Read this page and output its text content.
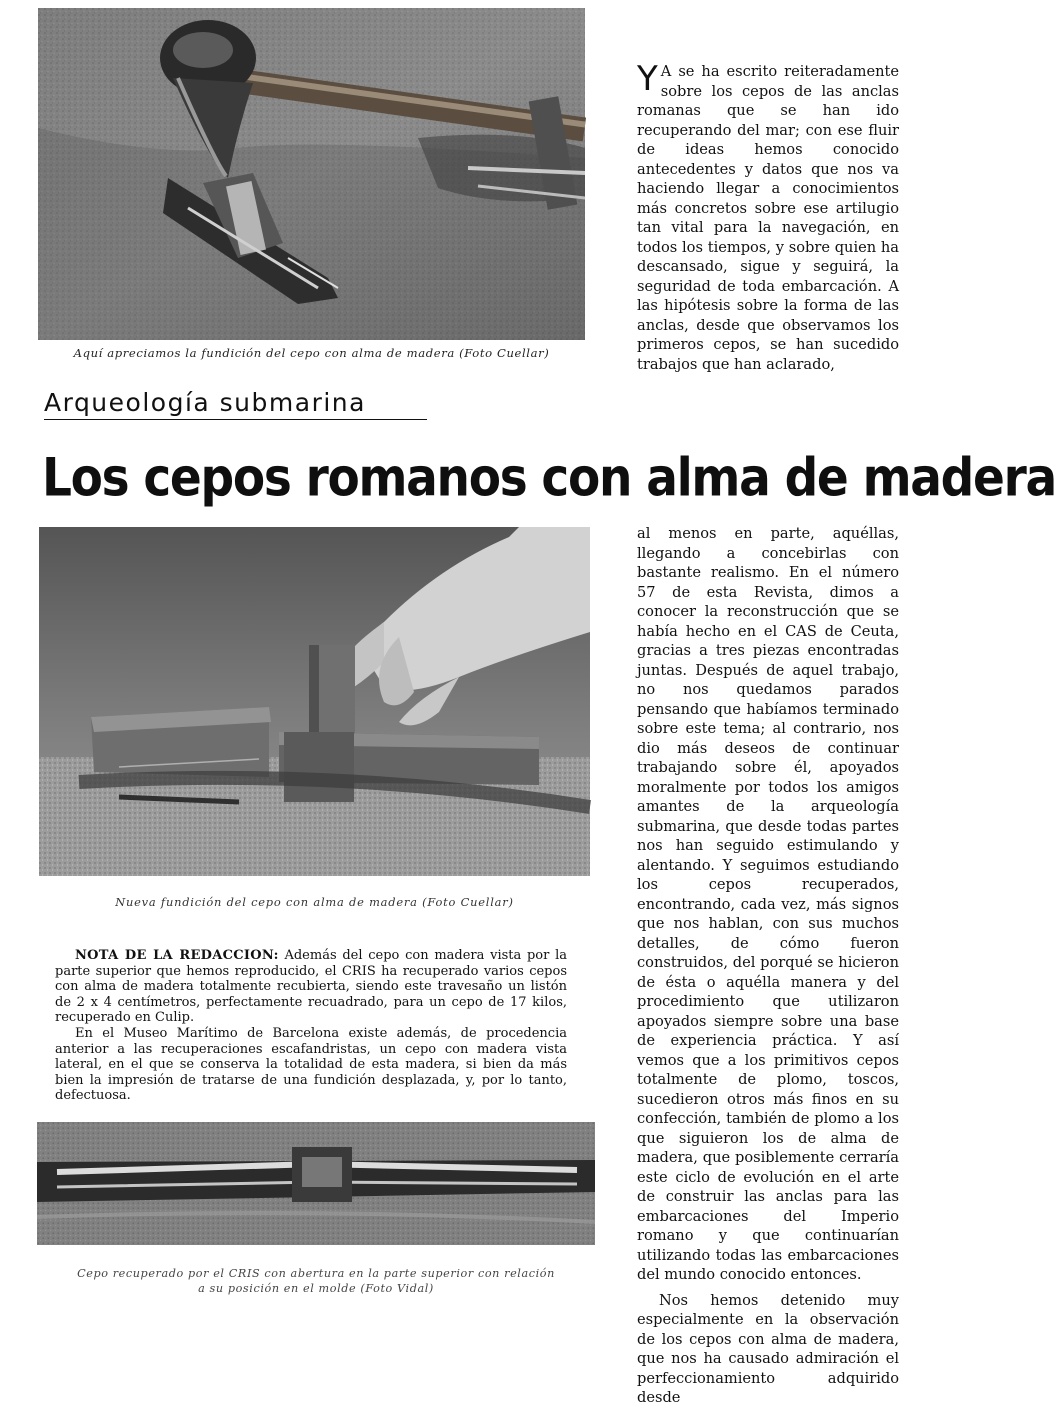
Aquí apreciamos la fundición del cepo con alma de madera (Foto Cuellar)

Y A se ha escrito reiteradamente sobre los cepos de las anclas romanas que se han ido recuperando del mar; con ese fluir de ideas hemos conocido antecedentes y datos que nos va haciendo llegar a conocimientos más concretos sobre ese artilugio tan vital para la navegación, en todos los tiempos, y sobre quien ha descansado, sigue y seguirá, la seguridad de toda embarcación. A las hipótesis sobre la forma de las anclas, desde que observamos los primeros cepos, se han sucedido trabajos que han aclarado,

Arqueología submarina
Los cepos romanos con alma de madera
Nueva fundición del cepo con alma de madera (Foto Cuellar)

NOTA DE LA REDACCION: Además del cepo con madera vista por la parte superior que hemos reproducido, el CRIS ha recuperado varios cepos con alma de madera totalmente recubierta, siendo este travesaño un listón de 2 x 4 centímetros, perfectamente recuadrado, para un cepo de 17 kilos, recuperado en Culip.

En el Museo Marítimo de Barcelona existe además, de procedencia anterior a las recuperaciones escafandristas, un cepo con madera vista lateral, en el que se conserva la totalidad de esta madera, si bien da más bien la impresión de tratarse de una fundición desplazada, y, por lo tanto, defectuosa.

Cepo recuperado por el CRIS con abertura en la parte superior con relación
a su posición en el molde (Foto Vidal)

al menos en parte, aquéllas, llegando a concebirlas con bastante realismo. En el número 57 de esta Revista, dimos a conocer la reconstrucción que se había hecho en el CAS de Ceuta, gracias a tres piezas encontradas juntas. Después de aquel trabajo, no nos quedamos parados pensando que habíamos terminado sobre este tema; al contrario, nos dio más deseos de continuar trabajando sobre él, apoyados moralmente por todos los amigos amantes de la arqueología submarina, que desde todas partes nos han seguido estimulando y alentando. Y seguimos estudiando los cepos recuperados, encontrando, cada vez, más signos que nos hablan, con sus muchos detalles, de cómo fueron construidos, del porqué se hicieron de ésta o aquélla manera y del procedimiento que utilizaron apoyados siempre sobre una base de experiencia práctica. Y así vemos que a los primitivos cepos totalmente de plomo, toscos, sucedieron otros más finos en su confección, también de plomo a los que siguieron los de alma de madera, que posiblemente cerraría este ciclo de evolución en el arte de construir las anclas para las embarcaciones del Imperio romano y que continuarían utilizando todas las embarcaciones del mundo conocido entonces.

Nos hemos detenido muy especialmente en la observación de los cepos con alma de madera, que nos ha causado admiración el perfeccionamiento adquirido desde
